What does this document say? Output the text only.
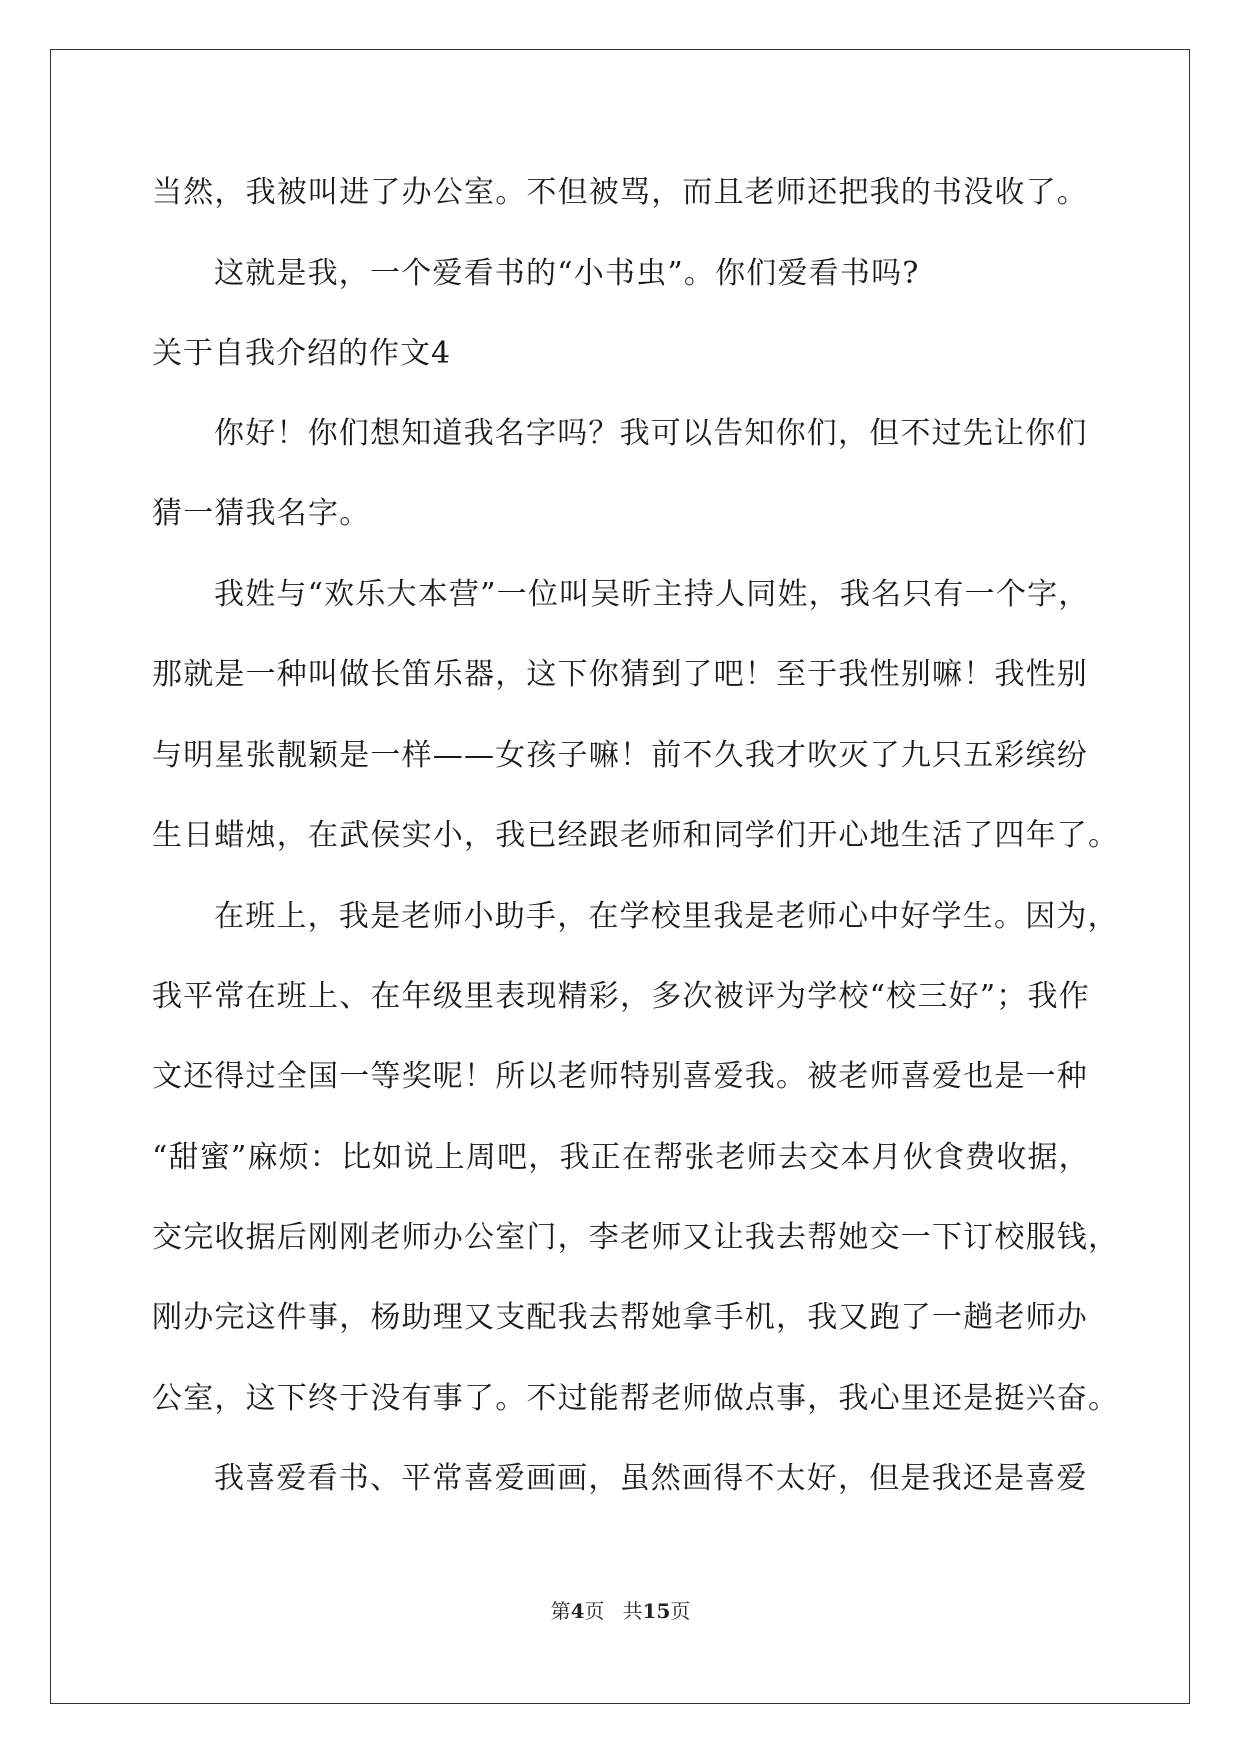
当然，我被叫进了办公室。不但被骂，而且老师还把我的书没收了。
这就是我，一个爱看书的“小书虫”。你们爱看书吗?
关于自我介绍的作文4
你好！你们想知道我名字吗？我可以告知你们，但不过先让你们
猜一猜我名字。
我姓与“欢乐大本营”一位叫吴昕主持人同姓，我名只有一个字，
那就是一种叫做长笛乐器，这下你猜到了吧！至于我性别嘛！我性别
与明星张靓颖是一样——女孩子嘛！前不久我才吹灭了九只五彩缤纷
生日蜡烛，在武侯实小，我已经跟老师和同学们开心地生活了四年了。
在班上，我是老师小助手，在学校里我是老师心中好学生。因为，
我平常在班上、在年级里表现精彩，多次被评为学校“校三好”；我作
文还得过全国一等奖呢！所以老师特别喜爱我。被老师喜爱也是一种
“甜蜜”麻烦：比如说上周吧，我正在帮张老师去交本月伙食费收据，
交完收据后刚刚老师办公室门，李老师又让我去帮她交一下订校服钱，
刚办完这件事，杨助理又支配我去帮她拿手机，我又跑了一趟老师办
公室，这下终于没有事了。不过能帮老师做点事，我心里还是挺兴奋。
我喜爱看书、平常喜爱画画，虽然画得不太好，但是我还是喜爱
第4页 共15页
